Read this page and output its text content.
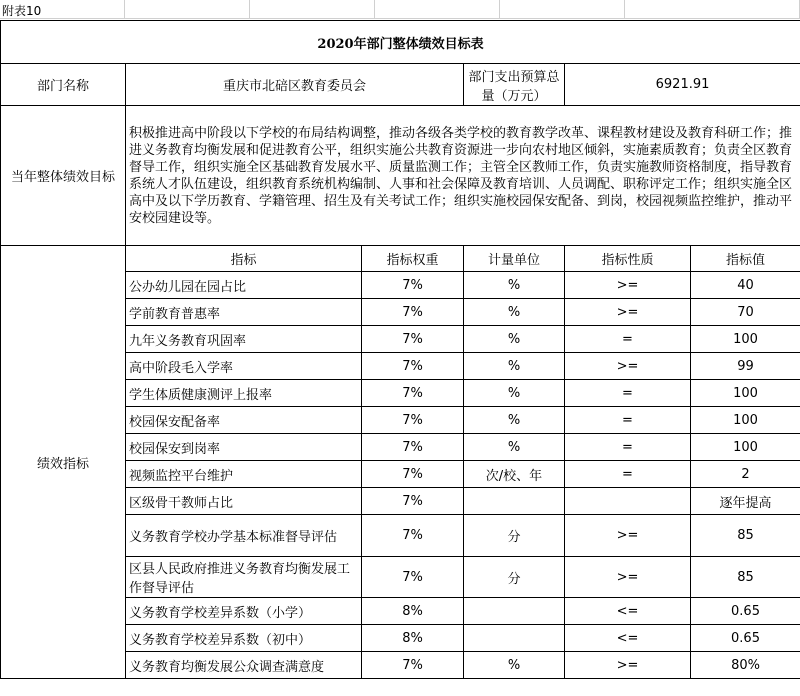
附表10
2020年部门整体绩效目标表					
部门名称	重庆市北碚区教育委员会		部门支出预算总量（万元）	6921.91	
当年整体绩效目标	积极推进高中阶段以下学校的布局结构调整，推动各级各类学校的教育教学改革、课程教材建设及教育科研工作；推进义务教育均衡发展和促进教育公平，组织实施公共教育资源进一步向农村地区倾斜，实施素质教育；负责全区教育督导工作，组织实施全区基础教育发展水平、质量监测工作；主管全区教师工作，负责实施教师资格制度，指导教育系统人才队伍建设，组织教育系统机构编制、人事和社会保障及教育培训、人员调配、职称评定工作；组织实施全区高中及以下学历教育、学籍管理、招生及有关考试工作；组织实施校园保安配备、到岗，校园视频监控维护，推动平安校园建设等。				
绩效指标	指标	指标权重	计量单位	指标性质	指标值
	公办幼儿园在园占比	7%	%	>=	40
	学前教育普惠率	7%	%	>=	70
	九年义务教育巩固率	7%	%	=	100
	高中阶段毛入学率	7%	%	>=	99
	学生体质健康测评上报率	7%	%	=	100
	校园保安配备率	7%	%	=	100
	校园保安到岗率	7%	%	=	100
	视频监控平台维护	7%	次/校、年	=	2
	区级骨干教师占比	7%			逐年提高
	义务教育学校办学基本标准督导评估	7%	分	>=	85
	区县人民政府推进义务教育均衡发展工作督导评估	7%	分	>=	85
	义务教育学校差异系数（小学）	8%		<=	0.65
	义务教育学校差异系数（初中）	8%		<=	0.65
	义务教育均衡发展公众调查满意度	7%	%	>=	80%
